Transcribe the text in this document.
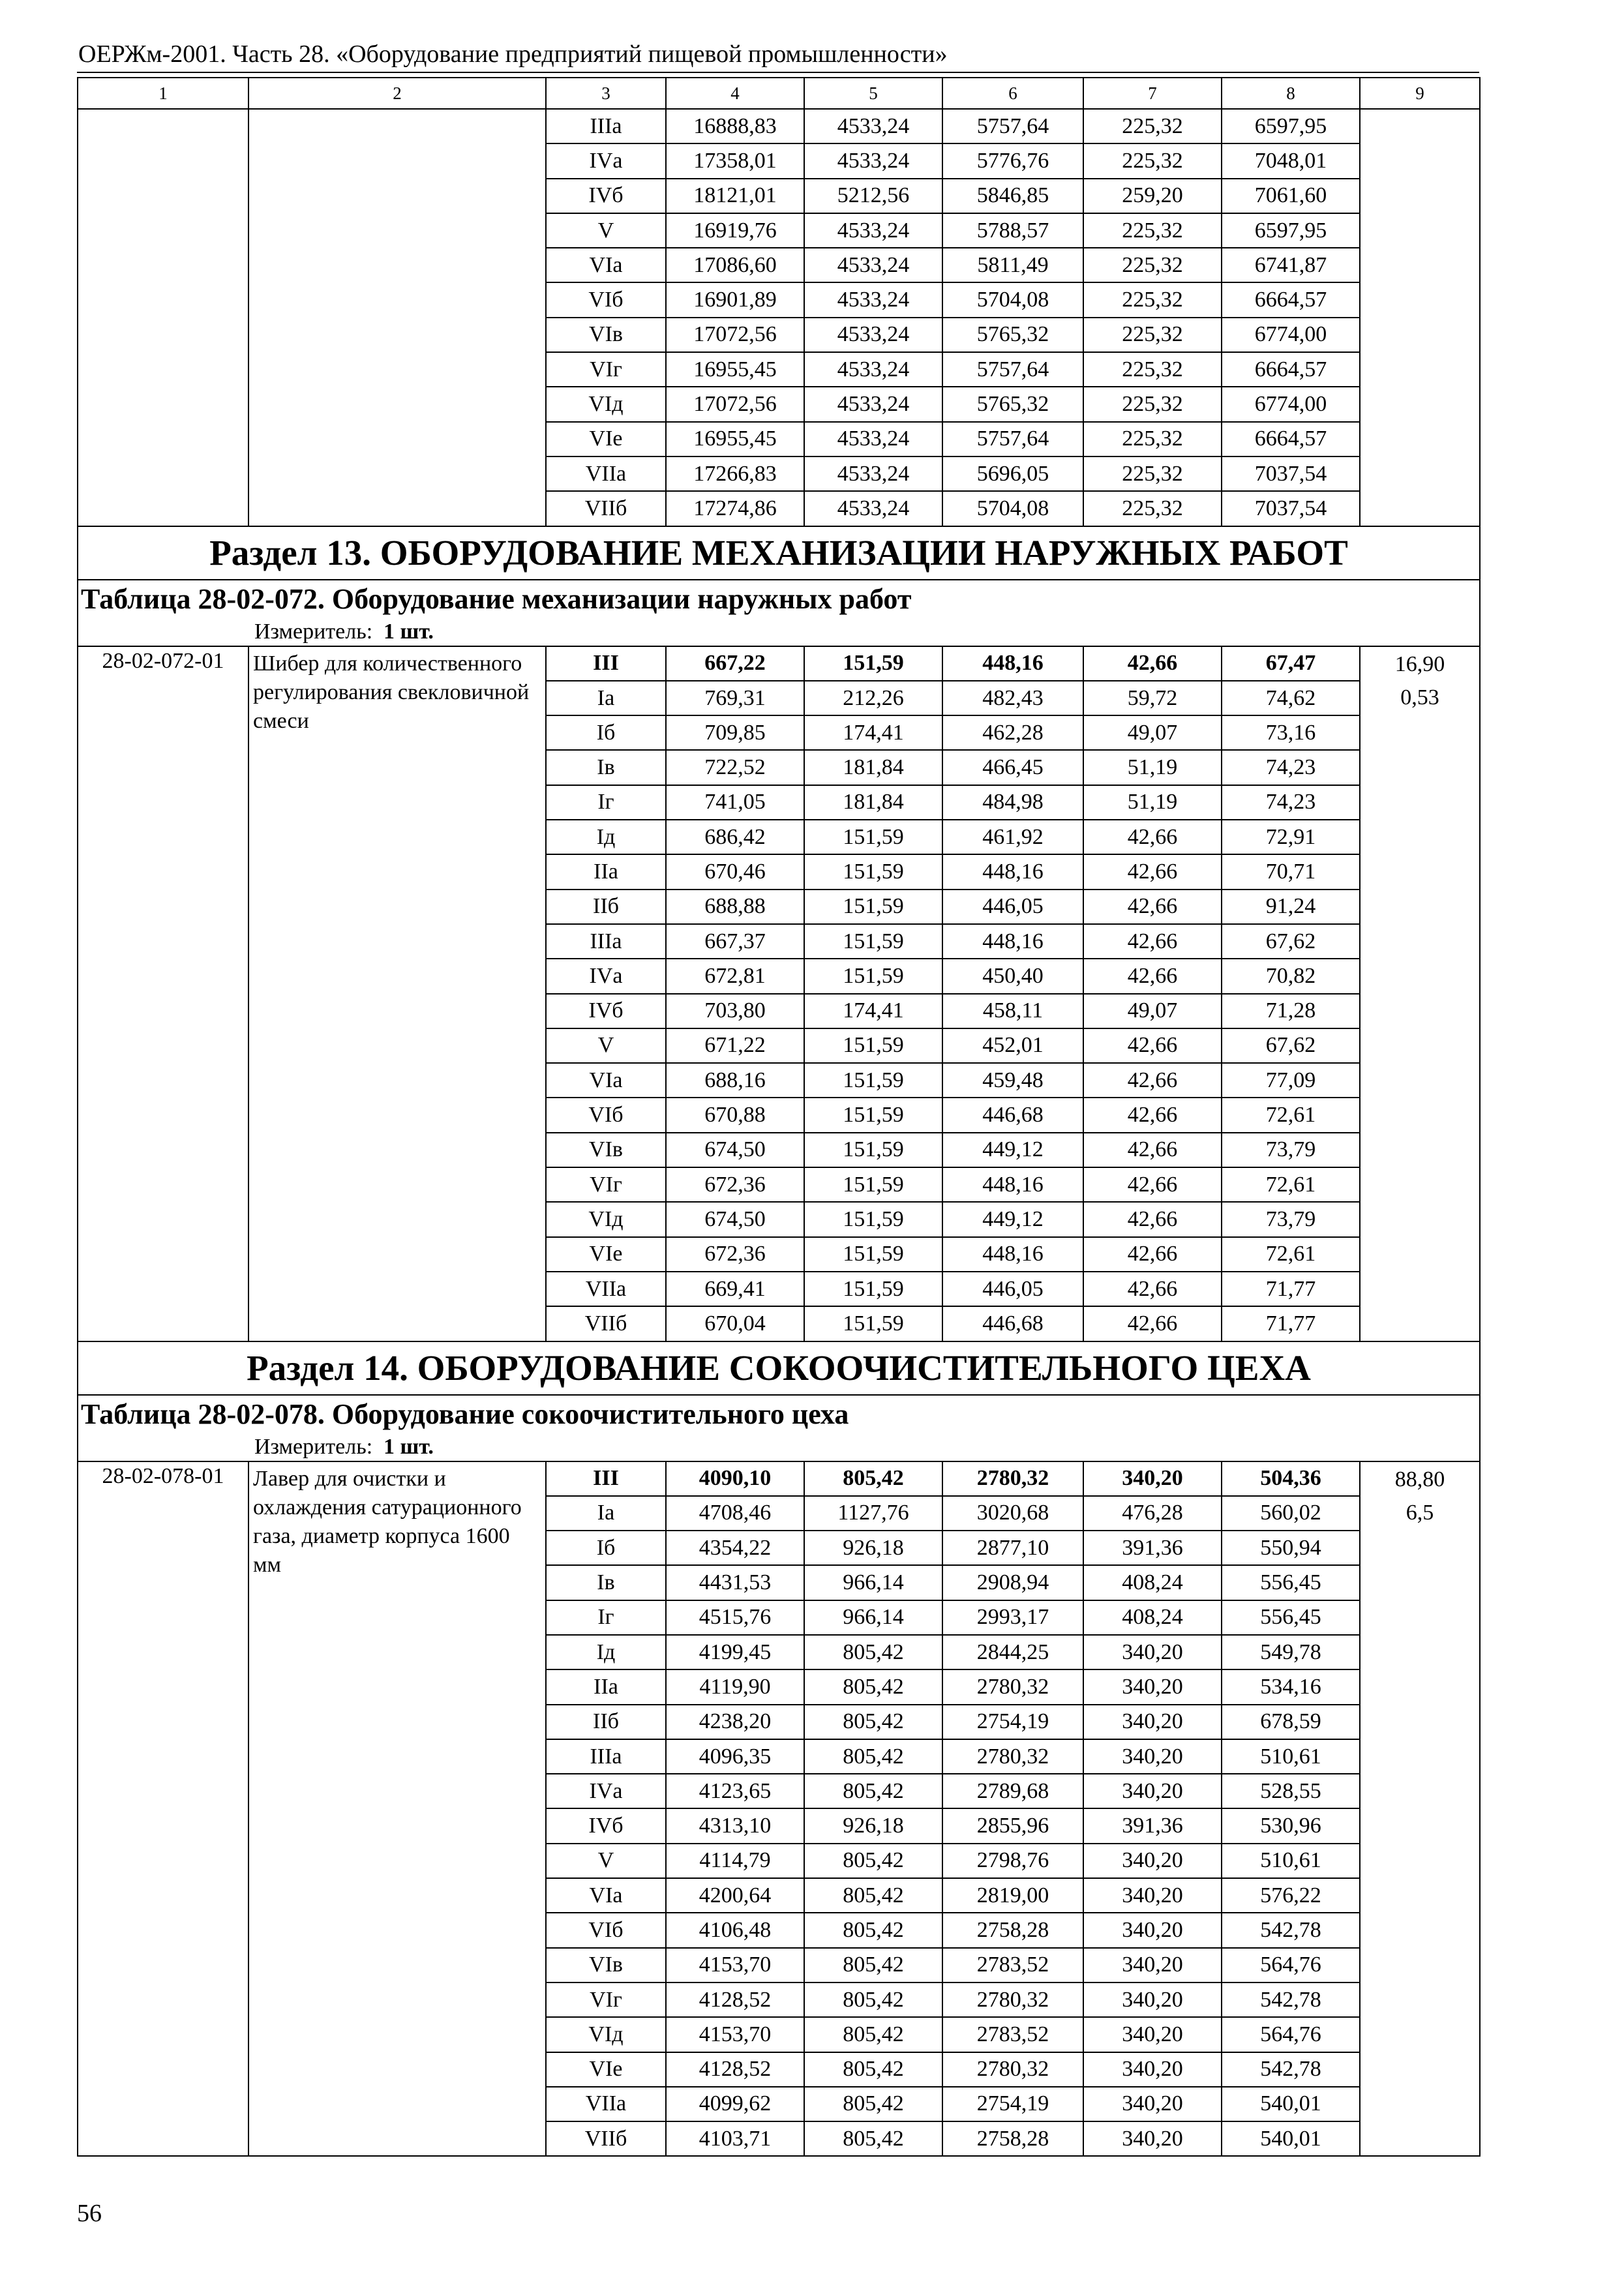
ОЕРЖм-2001. Часть 28. «Оборудование предприятий пищевой промышленности»
1	2	3	4	5	6	7	8	9
		IIIа	16888,83	4533,24	5757,64	225,32	6597,95	
		IVа	17358,01	4533,24	5776,76	225,32	7048,01	
		IVб	18121,01	5212,56	5846,85	259,20	7061,60	
		V	16919,76	4533,24	5788,57	225,32	6597,95	
		VIа	17086,60	4533,24	5811,49	225,32	6741,87	
		VIб	16901,89	4533,24	5704,08	225,32	6664,57	
		VIв	17072,56	4533,24	5765,32	225,32	6774,00	
		VIг	16955,45	4533,24	5757,64	225,32	6664,57	
		VIд	17072,56	4533,24	5765,32	225,32	6774,00	
		VIе	16955,45	4533,24	5757,64	225,32	6664,57	
		VIIа	17266,83	4533,24	5696,05	225,32	7037,54	
		VIIб	17274,86	4533,24	5704,08	225,32	7037,54	
Раздел 13. ОБОРУДОВАНИЕ МЕХАНИЗАЦИИ НАРУЖНЫХ РАБОТ								
Таблица 28-02-072. Оборудование механизации наружных работ								
Измеритель: 1 шт.								
28-02-072-01	Шибер для количественного регулирования свекловичной смеси	III	667,22	151,59	448,16	42,66	67,47	16,90
0,53

		Iа	769,31	212,26	482,43	59,72	74,62	
		Iб	709,85	174,41	462,28	49,07	73,16	
		Iв	722,52	181,84	466,45	51,19	74,23	
		Iг	741,05	181,84	484,98	51,19	74,23	
		Iд	686,42	151,59	461,92	42,66	72,91	
		IIа	670,46	151,59	448,16	42,66	70,71	
		IIб	688,88	151,59	446,05	42,66	91,24	
		IIIа	667,37	151,59	448,16	42,66	67,62	
		IVа	672,81	151,59	450,40	42,66	70,82	
		IVб	703,80	174,41	458,11	49,07	71,28	
		V	671,22	151,59	452,01	42,66	67,62	
		VIа	688,16	151,59	459,48	42,66	77,09	
		VIб	670,88	151,59	446,68	42,66	72,61	
		VIв	674,50	151,59	449,12	42,66	73,79	
		VIг	672,36	151,59	448,16	42,66	72,61	
		VIд	674,50	151,59	449,12	42,66	73,79	
		VIе	672,36	151,59	448,16	42,66	72,61	
		VIIа	669,41	151,59	446,05	42,66	71,77	
		VIIб	670,04	151,59	446,68	42,66	71,77	
Раздел 14. ОБОРУДОВАНИЕ СОКООЧИСТИТЕЛЬНОГО ЦЕХА								
Таблица 28-02-078. Оборудование сокоочистительного цеха								
Измеритель: 1 шт.								
28-02-078-01	Лавер для очистки и охлаждения сатурационного газа, диаметр корпуса 1600 мм	III	4090,10	805,42	2780,32	340,20	504,36	88,80
6,5

		Iа	4708,46	1127,76	3020,68	476,28	560,02	
		Iб	4354,22	926,18	2877,10	391,36	550,94	
		Iв	4431,53	966,14	2908,94	408,24	556,45	
		Iг	4515,76	966,14	2993,17	408,24	556,45	
		Iд	4199,45	805,42	2844,25	340,20	549,78	
		IIа	4119,90	805,42	2780,32	340,20	534,16	
		IIб	4238,20	805,42	2754,19	340,20	678,59	
		IIIа	4096,35	805,42	2780,32	340,20	510,61	
		IVа	4123,65	805,42	2789,68	340,20	528,55	
		IVб	4313,10	926,18	2855,96	391,36	530,96	
		V	4114,79	805,42	2798,76	340,20	510,61	
		VIа	4200,64	805,42	2819,00	340,20	576,22	
		VIб	4106,48	805,42	2758,28	340,20	542,78	
		VIв	4153,70	805,42	2783,52	340,20	564,76	
		VIг	4128,52	805,42	2780,32	340,20	542,78	
		VIд	4153,70	805,42	2783,52	340,20	564,76	
		VIе	4128,52	805,42	2780,32	340,20	542,78	
		VIIа	4099,62	805,42	2754,19	340,20	540,01	
		VIIб	4103,71	805,42	2758,28	340,20	540,01	
56
